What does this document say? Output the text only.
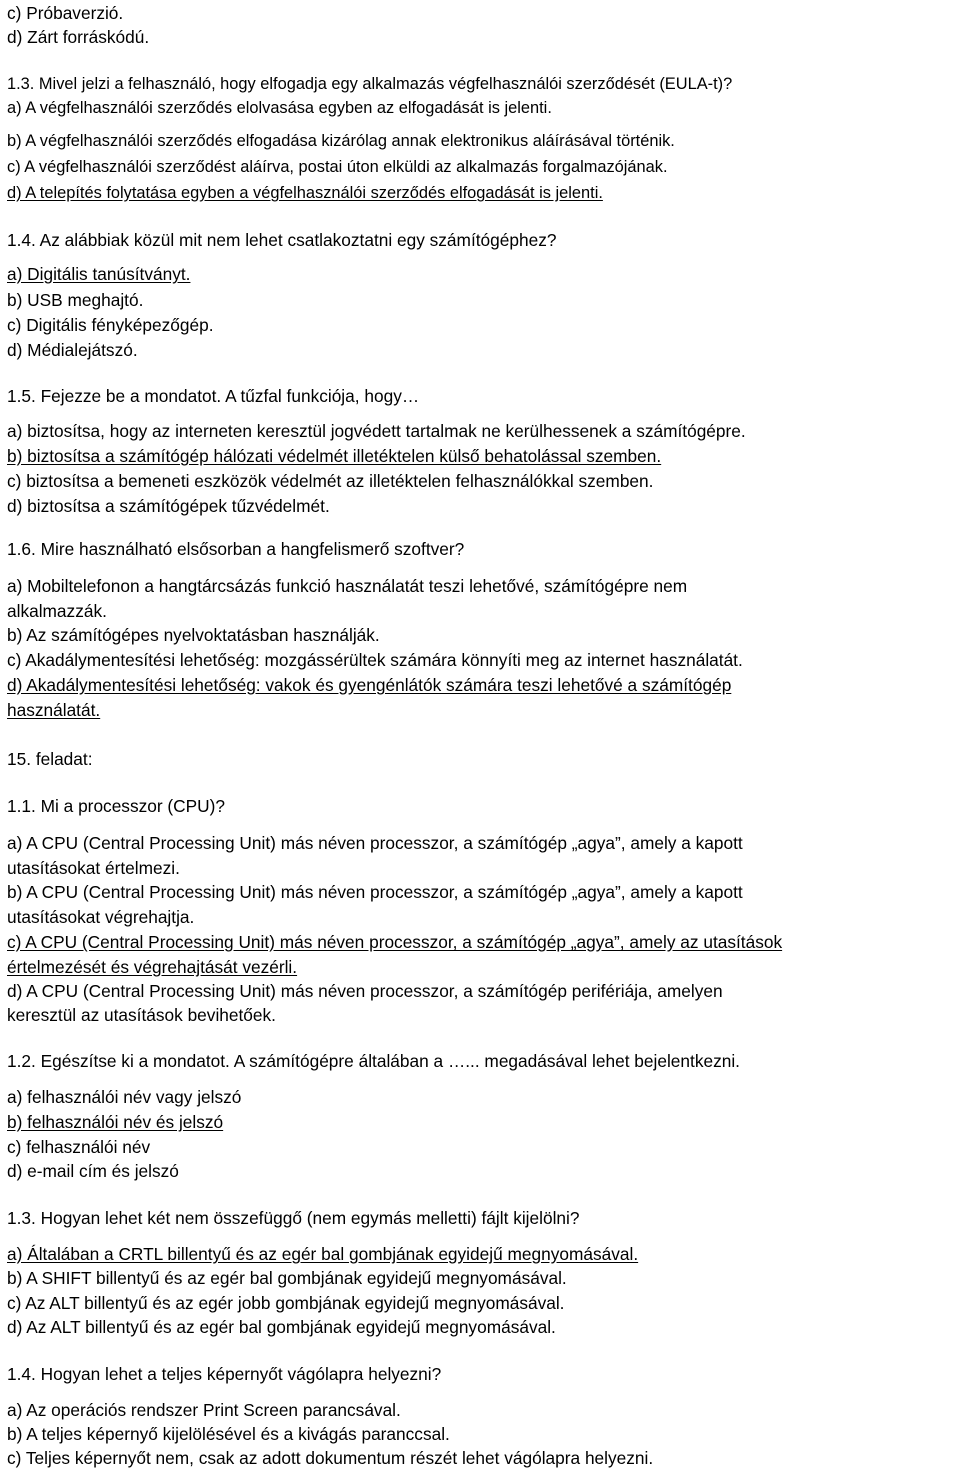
c) Próbaverzió.
d) Zárt forráskódú.
1.3. Mivel jelzi a felhasználó, hogy elfogadja egy alkalmazás végfelhasználói szerződését (EULA-t)?
a) A végfelhasználói szerződés elolvasása egyben az elfogadását is jelenti.
b) A végfelhasználói szerződés elfogadása kizárólag annak elektronikus aláírásával történik.
c) A végfelhasználói szerződést aláírva, postai úton elküldi az alkalmazás forgalmazójának.
d) A telepítés folytatása egyben a végfelhasználói szerződés elfogadását is jelenti.
1.4. Az alábbiak közül mit nem lehet csatlakoztatni egy számítógéphez?
a) Digitális tanúsítványt.
b) USB meghajtó.
c) Digitális fényképezőgép.
d) Médialejátszó.
1.5. Fejezze be a mondatot. A tűzfal funkciója, hogy…
a) biztosítsa, hogy az interneten keresztül jogvédett tartalmak ne kerülhessenek a számítógépre.
b) biztosítsa a számítógép hálózati védelmét illetéktelen külső behatolással szemben.
c) biztosítsa a bemeneti eszközök védelmét az illetéktelen felhasználókkal szemben.
d) biztosítsa a számítógépek tűzvédelmét.
1.6. Mire használható elsősorban a hangfelismerő szoftver?
a) Mobiltelefonon a hangtárcsázás funkció használatát teszi lehetővé, számítógépre nem
alkalmazzák.
b) Az számítógépes nyelvoktatásban használják.
c) Akadálymentesítési lehetőség: mozgássérültek számára könnyíti meg az internet használatát.
d) Akadálymentesítési lehetőség: vakok és gyengénlátók számára teszi lehetővé a számítógép
használatát.
15. feladat:
1.1. Mi a processzor (CPU)?
a) A CPU (Central Processing Unit) más néven processzor, a számítógép „agya”, amely a kapott
utasításokat értelmezi.
b) A CPU (Central Processing Unit) más néven processzor, a számítógép „agya”, amely a kapott
utasításokat végrehajtja.
c) A CPU (Central Processing Unit) más néven processzor, a számítógép „agya”, amely az utasítások
értelmezését és végrehajtását vezérli.
d) A CPU (Central Processing Unit) más néven processzor, a számítógép perifériája, amelyen
keresztül az utasítások bevihetőek.
1.2. Egészítse ki a mondatot. A számítógépre általában a …... megadásával lehet bejelentkezni.
a) felhasználói név vagy jelszó
b) felhasználói név és jelszó
c) felhasználói név
d) e-mail cím és jelszó
1.3. Hogyan lehet két nem összefüggő (nem egymás melletti) fájlt kijelölni?
a) Általában a CRTL billentyű és az egér bal gombjának egyidejű megnyomásával.
b) A SHIFT billentyű és az egér bal gombjának egyidejű megnyomásával.
c) Az ALT billentyű és az egér jobb gombjának egyidejű megnyomásával.
d) Az ALT billentyű és az egér bal gombjának egyidejű megnyomásával.
1.4. Hogyan lehet a teljes képernyőt vágólapra helyezni?
a) Az operációs rendszer Print Screen parancsával.
b) A teljes képernyő kijelölésével és a kivágás paranccsal.
c) Teljes képernyőt nem, csak az adott dokumentum részét lehet vágólapra helyezni.
